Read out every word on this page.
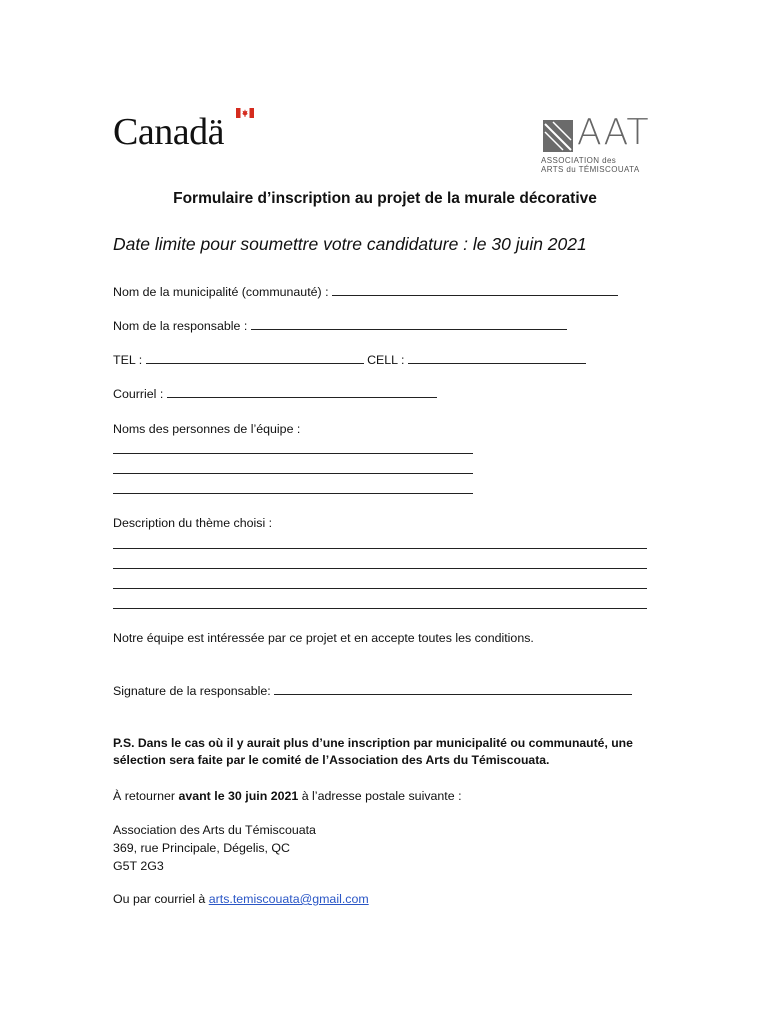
Canadä	AAT
ASSOCIATION des
ARTS du TÉMISCOUATA
Formulaire d’inscription au projet de la murale décorative
Date limite pour soumettre votre candidature : le 30 juin 2021
Nom de la municipalité (communauté) :
Nom de la responsable :
TEL :	CELL :
Courriel :
Noms des personnes de l’équipe :
Description du thème choisi :
Notre équipe est intéressée par ce projet et en accepte toutes les conditions.
Signature de la responsable:
P.S. Dans le cas où il y aurait plus d’une inscription par municipalité ou communauté, une sélection sera faite par le comité de l’Association des Arts du Témiscouata.
À retourner avant le 30 juin 2021 à l’adresse postale suivante :
Association des Arts du Témiscouata
369, rue Principale, Dégelis, QC
G5T 2G3
Ou par courriel à arts.temiscouata@gmail.com
